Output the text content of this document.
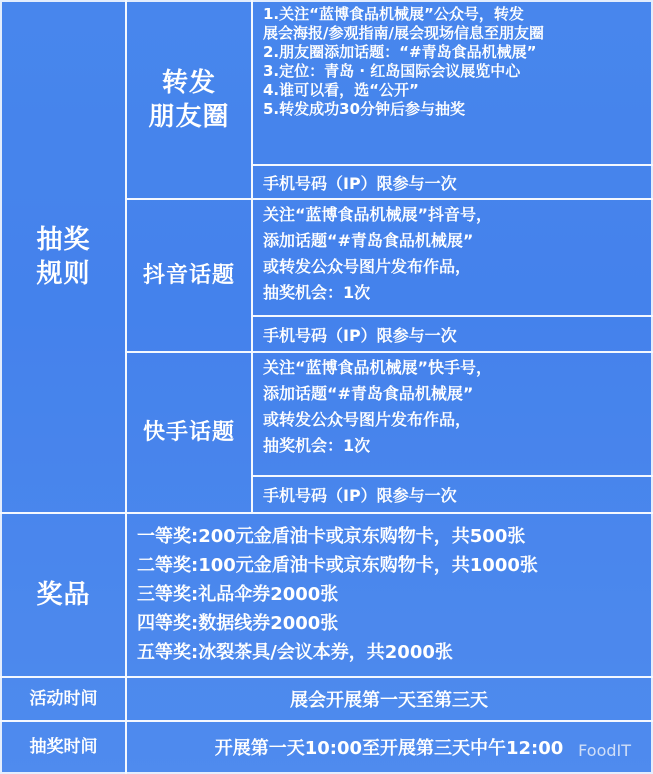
抽奖
规则
转发
朋友圈
1.关注“蓝博食品机械展”公众号，转发
展会海报/参观指南/展会现场信息至朋友圈
2.朋友圈添加话题：“#青岛食品机械展”
3.定位：青岛 · 红岛国际会议展览中心
4.谁可以看，选“公开”
5.转发成功30分钟后参与抽奖
手机号码（IP）限参与一次
抖音话题
关注“蓝博食品机械展”抖音号，
添加话题“#青岛食品机械展”
或转发公众号图片发布作品，
抽奖机会：1次
手机号码（IP）限参与一次
快手话题
关注“蓝博食品机械展”快手号，
添加话题“#青岛食品机械展”
或转发公众号图片发布作品，
抽奖机会：1次
手机号码（IP）限参与一次
奖品
一等奖:200元金盾油卡或京东购物卡，共500张
二等奖:100元金盾油卡或京东购物卡，共1000张
三等奖:礼品伞券2000张
四等奖:数据线券2000张
五等奖:冰裂茶具/会议本券，共2000张
活动时间	展会开展第一天至第三天
抽奖时间	开展第一天10:00至开展第三天中午12:00 FoodIT
